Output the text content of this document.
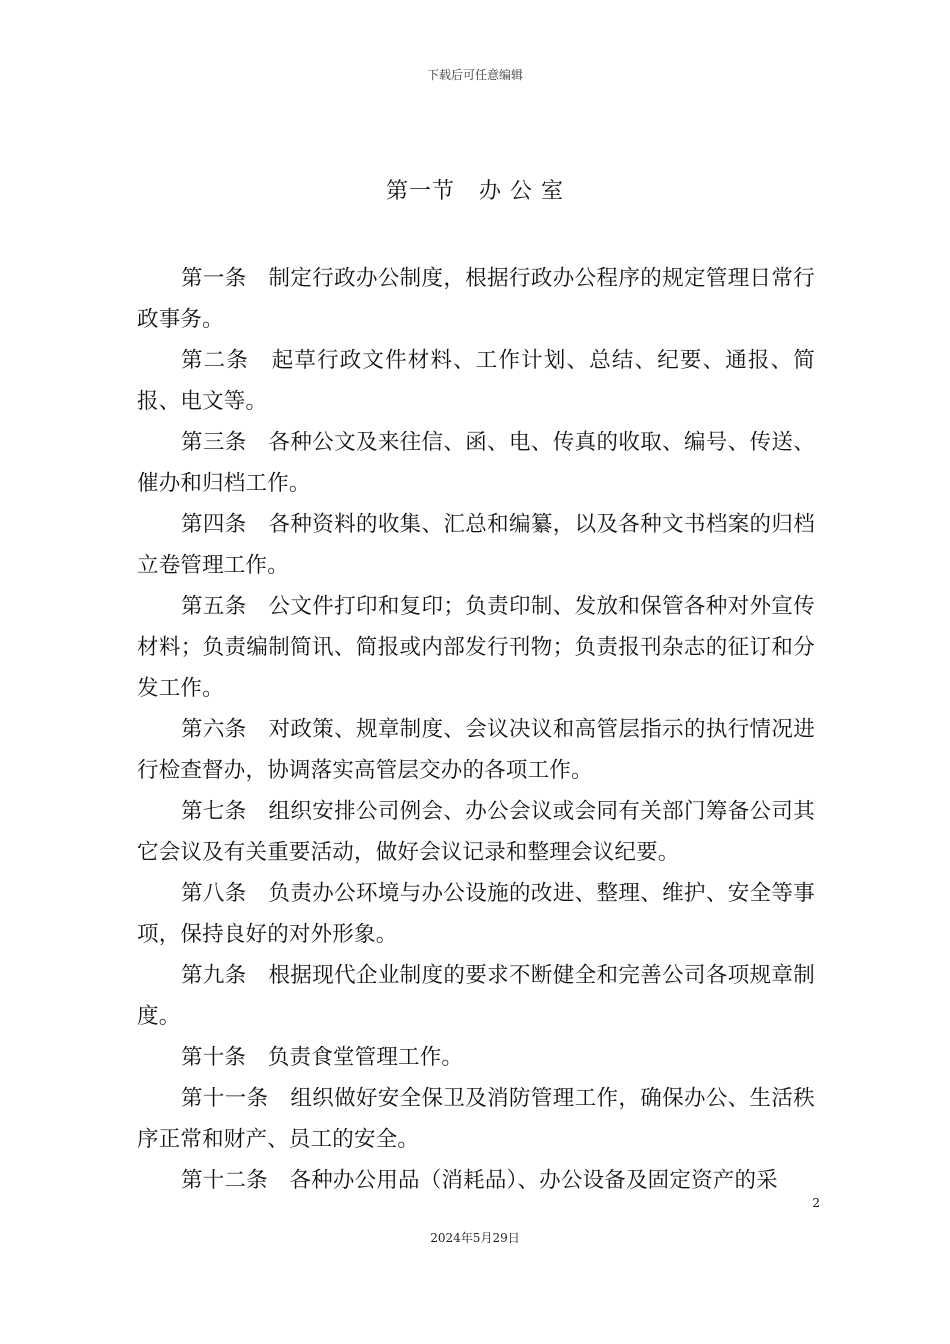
下载后可任意编辑
第一节   办 公 室

第一条　 制定行政办公制度，根据行政办公程序的规定管理日常行政事务。

第二条　 起草行政文件材料、工作计划、总结、纪要、通报、简报、电文等。

第三条　 各种公文及来往信、函、电、传真的收取、编号、传送、催办和归档工作。

第四条　 各种资料的收集、汇总和编纂，以及各种文书档案的归档立卷管理工作。

第五条　 公文件打印和复印；负责印制、发放和保管各种对外宣传材料；负责编制简讯、简报或内部发行刊物；负责报刊杂志的征订和分发工作。

第六条　 对政策、规章制度、会议决议和高管层指示的执行情况进行检查督办，协调落实高管层交办的各项工作。

第七条　 组织安排公司例会、办公会议或会同有关部门筹备公司其它会议及有关重要活动，做好会议记录和整理会议纪要。

第八条　 负责办公环境与办公设施的改进、整理、维护、安全等事项，保持良好的对外形象。

第九条　 根据现代企业制度的要求不断健全和完善公司各项规章制度。

第十条　 负责食堂管理工作。

第十一条　 组织做好安全保卫及消防管理工作，确保办公、生活秩序正常和财产、员工的安全。

第十二条　 各种办公用品（消耗品）、办公设备及固定资产的采

2
2024年5月29日
